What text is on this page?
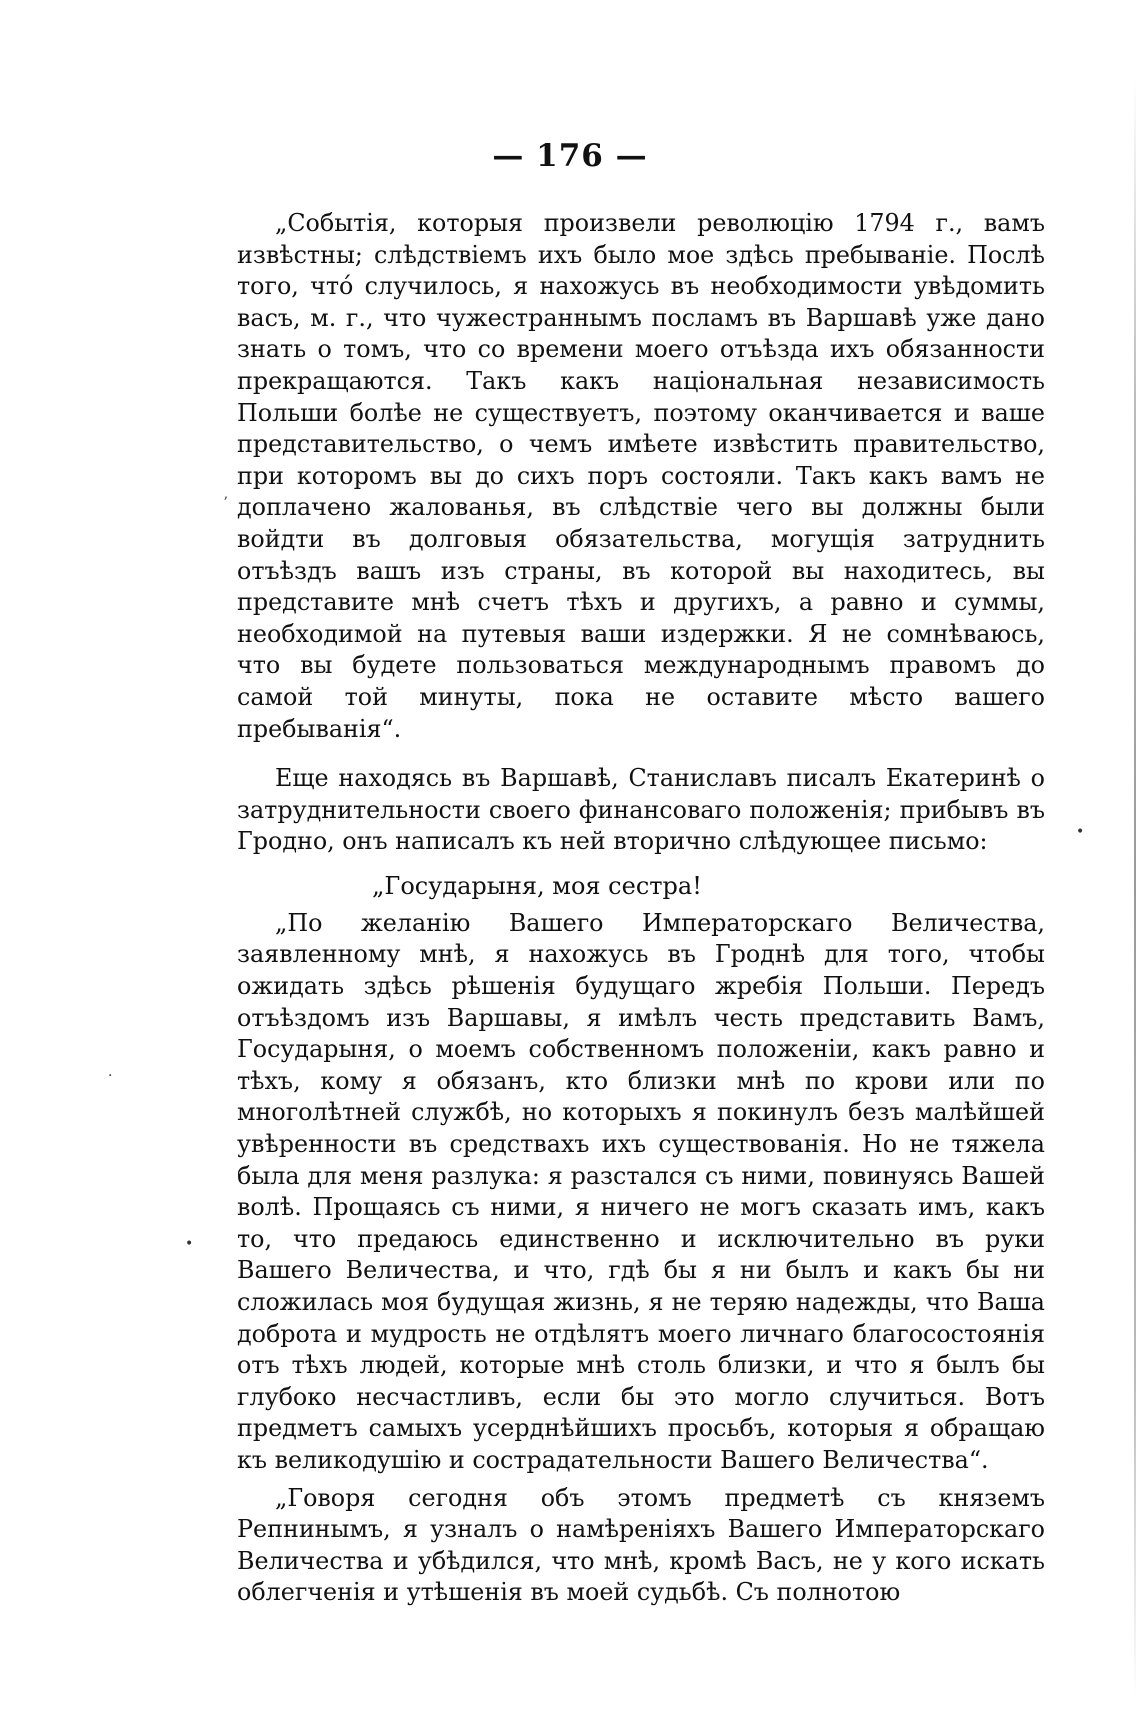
— 176 —

„Событія, которыя произвели революцію 1794 г., вамъ извѣстны; слѣдствіемъ ихъ было мое здѣсь пребываніе. Послѣ того, что́ случилось, я нахожусь въ необходимости увѣдомить васъ, м. г., что чужестраннымъ посламъ въ Варшавѣ уже дано знать о томъ, что со времени моего отъѣзда ихъ обязанности прекращаются. Такъ какъ національная независимость Польши болѣе не существуетъ, поэтому оканчивается и ваше представительство, о чемъ имѣете извѣстить правительство, при которомъ вы до сихъ поръ состояли. Такъ какъ вамъ не доплачено жалованья, въ слѣдствіе чего вы должны были войдти въ долговыя обязательства, могущія затруднить отъѣздъ вашъ изъ страны, въ которой вы находитесь, вы представите мнѣ счетъ тѣхъ и другихъ, а равно и суммы, необходимой на путевыя ваши издержки. Я не сомнѣваюсь, что вы будете пользоваться международнымъ правомъ до самой той минуты, пока не оставите мѣсто вашего пребыванія“.

Еще находясь въ Варшавѣ, Станиславъ писалъ Екатеринѣ о затруднительности своего финансоваго положенія; прибывъ въ Гродно, онъ написалъ къ ней вторично слѣдующее письмо:

„Государыня, моя сестра!

„По желанію Вашего Императорскаго Величества, заявленному мнѣ, я нахожусь въ Гроднѣ для того, чтобы ожидать здѣсь рѣшенія будущаго жребія Польши. Передъ отъѣздомъ изъ Варшавы, я имѣлъ честь представить Вамъ, Государыня, о моемъ собственномъ положеніи, какъ равно и тѣхъ, кому я обязанъ, кто близки мнѣ по крови или по многолѣтней службѣ, но которыхъ я покинулъ безъ малѣйшей увѣренности въ средствахъ ихъ существованія. Но не тяжела была для меня разлука: я разстался съ ними, повинуясь Вашей волѣ. Прощаясь съ ними, я ничего не могъ сказать имъ, какъ то, что предаюсь единственно и исключительно въ руки Вашего Величества, и что, гдѣ бы я ни былъ и какъ бы ни сложилась моя будущая жизнь, я не теряю надежды, что Ваша доброта и мудрость не отдѣлятъ моего личнаго благосостоянія отъ тѣхъ людей, которые мнѣ столь близки, и что я былъ бы глубоко несчастливъ, если бы это могло случиться. Вотъ предметъ самыхъ усерднѣйшихъ просьбъ, которыя я обращаю къ великодушію и сострадательности Вашего Величества“.

„Говоря сегодня объ этомъ предметѣ съ княземъ Репнинымъ, я узналъ о намѣреніяхъ Вашего Императорскаго Величества и убѣдился, что мнѣ, кромѣ Васъ, не у кого искать облегченія и утѣшенія въ моей судьбѣ. Съ полнотою

ʼ
•
·
•
